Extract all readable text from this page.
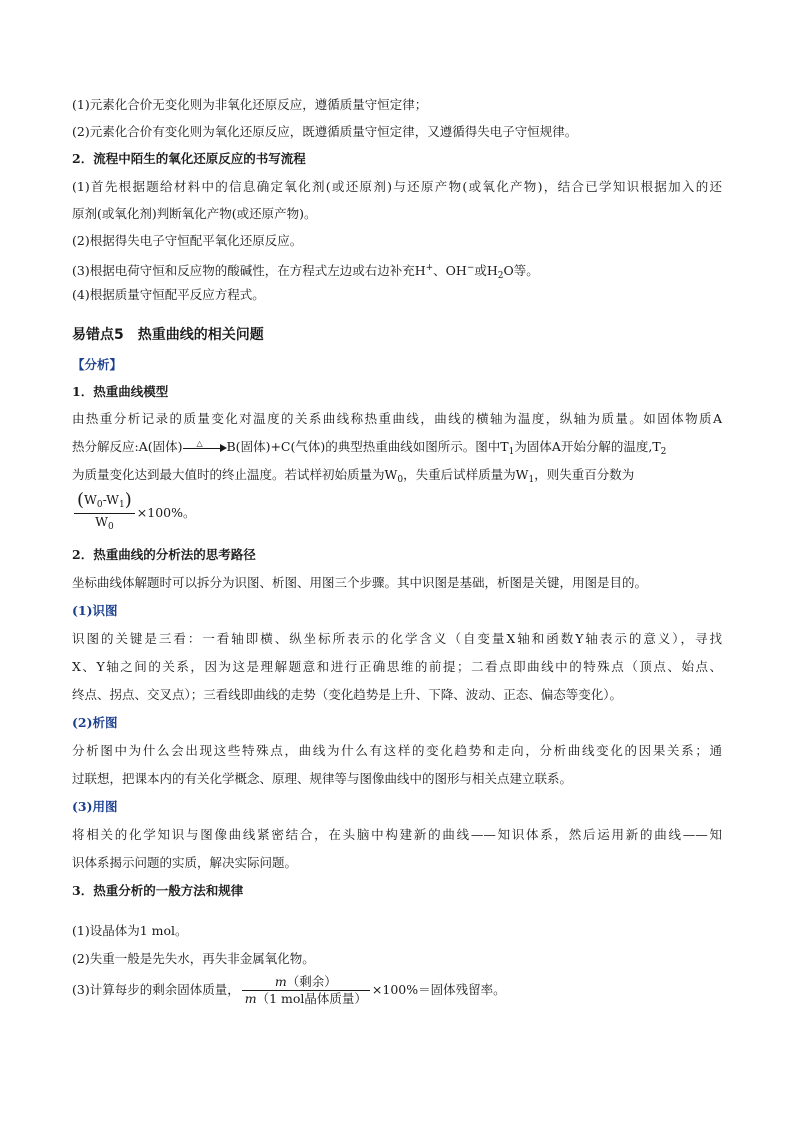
(1)元素化合价无变化则为非氧化还原反应，遵循质量守恒定律；
(2)元素化合价有变化则为氧化还原反应，既遵循质量守恒定律，又遵循得失电子守恒规律。
2．流程中陌生的氧化还原反应的书写流程
(1)首先根据题给材料中的信息确定氧化剂(或还原剂)与还原产物(或氧化产物)，结合已学知识根据加入的还
原剂(或氧化剂)判断氧化产物(或还原产物)。
(2)根据得失电子守恒配平氧化还原反应。
(3)根据电荷守恒和反应物的酸碱性，在方程式左边或右边补充H+、OH−或$H_2O$等。
(4)根据质量守恒配平反应方程式。
易错点5　热重曲线的相关问题
【分析】
1．热重曲线模型
由热重分析记录的质量变化对温度的关系曲线称热重曲线，曲线的横轴为温度，纵轴为质量。如固体物质A
热分解反应:A(固体) △ B(固体)+C(气体)的典型热重曲线如图所示。图中$T_1$为固体A开始分解的温度$,T_2$
为质量变化达到最大值时的终止温度。若试样初始质量为$W_0$，失重后试样质量为$W_1$，则失重百分数为
$\frac{(W_0-W_1)}{W_0} \times 100\%$。
2．热重曲线的分析法的思考路径
坐标曲线体解题时可以拆分为识图、析图、用图三个步骤。其中识图是基础，析图是关键，用图是目的。
(1)识图
识图的关键是三看：一看轴即横、纵坐标所表示的化学含义（自变量X轴和函数Y轴表示的意义），寻找
X、Y轴之间的关系，因为这是理解题意和进行正确思维的前提；二看点即曲线中的特殊点（顶点、始点、
终点、拐点、交叉点）；三看线即曲线的走势（变化趋势是上升、下降、波动、正态、偏态等变化）。
(2)析图
分析图中为什么会出现这些特殊点，曲线为什么有这样的变化趋势和走向，分析曲线变化的因果关系；通
过联想，把课本内的有关化学概念、原理、规律等与图像曲线中的图形与相关点建立联系。
(3)用图
将相关的化学知识与图像曲线紧密结合，在头脑中构建新的曲线——知识体系，然后运用新的曲线——知
识体系揭示问题的实质，解决实际问题。
3．热重分析的一般方法和规律
(1)设晶体为1 mol。
(2)失重一般是先失水，再失非金属氧化物。
(3)计算每步的剩余固体质量， $\frac{\text{m（剩余）}}{\text{m（1 mol晶体质量）}} \times 100\%=$固体残留率。
